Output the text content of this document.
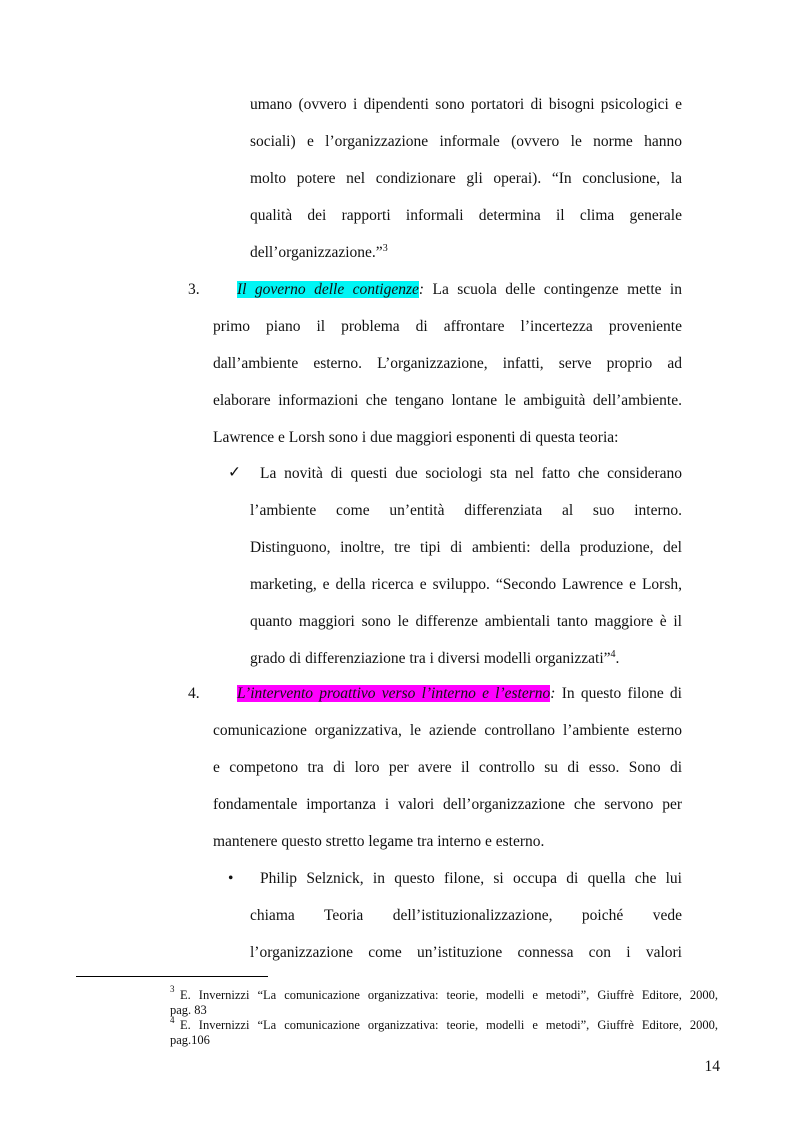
umano (ovvero i dipendenti sono portatori di bisogni psicologici e
sociali) e l’organizzazione informale (ovvero le norme hanno
molto potere nel condizionare gli operai). “In conclusione, la
qualità dei rapporti informali determina il clima generale
dell’organizzazione.”$^3$
3. Il governo delle contigenze: La scuola delle contingenze mette in
primo piano il problema di affrontare l’incertezza proveniente
dall’ambiente esterno. L’organizzazione, infatti, serve proprio ad
elaborare informazioni che tengano lontane le ambiguità dell’ambiente.
Lawrence e Lorsh sono i due maggiori esponenti di questa teoria:
✓ La novità di questi due sociologi sta nel fatto che considerano
l’ambiente come un’entità differenziata al suo interno.
Distinguono, inoltre, tre tipi di ambienti: della produzione, del
marketing, e della ricerca e sviluppo. “Secondo Lawrence e Lorsh,
quanto maggiori sono le differenze ambientali tanto maggiore è il
grado di differenziazione tra i diversi modelli organizzati”$^4$.
4. L’intervento proattivo verso l’interno e l’esterno: In questo filone di
comunicazione organizzativa, le aziende controllano l’ambiente esterno
e competono tra di loro per avere il controllo su di esso. Sono di
fondamentale importanza i valori dell’organizzazione che servono per
mantenere questo stretto legame tra interno e esterno.
• Philip Selznick, in questo filone, si occupa di quella che lui
chiama Teoria dell’istituzionalizzazione, poiché vede
l’organizzazione come un’istituzione connessa con i valori
3 E. Invernizzi “La comunicazione organizzativa: teorie, modelli e metodi”, Giuffrè Editore, 2000,
pag. 83
4 E. Invernizzi “La comunicazione organizzativa: teorie, modelli e metodi”, Giuffrè Editore, 2000,
pag.106
14
